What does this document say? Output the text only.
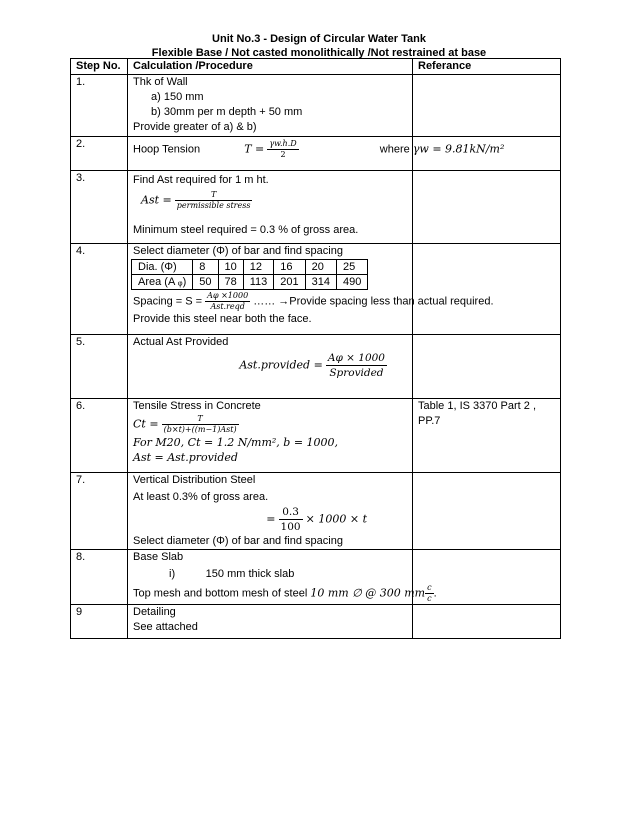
Unit No.3 - Design of Circular Water Tank
Flexible Base / Not casted monolithically /Not restrained at base
Step No.	Calculation /Procedure	Referance
1.	Thk of Wall
a) 150 mm
b) 30mm per m depth + 50 mm
Provide greater of a) & b)

2.	Hoop Tension	$T = \frac{\gamma w.h.D}{2}$	where γw = 9.81kN/m²

3.	Find Ast required for 1 m ht.
Ast = $\frac{T}{\text{permissible stress}}$
Minimum steel required = 0.3 % of gross area.

4.	Select diameter (Φ) of bar and find spacing
Dia. (Φ)	8	10	12	16	20	25
Area (A ᵩ)	50	78	113	201	314	490
Spacing = $S = \frac{A\varphi \times 1000}{\text{Ast.reqd}}$ …… →Provide spacing less than actual required.
Provide this steel near both the face.

5.	Actual Ast Provided
Ast.provided = $\frac{A\varphi \times 1000}{\text{Sprovided}}$

6.	Tensile Stress in Concrete
$Ct = \frac{T}{\text{(b×t)+((m−1)Ast)}}$
For M20, Ct = 1.2 N/mm², b = 1000,
Ast = Ast.provided
	Table 1, IS 3370 Part 2 , PP.7
7.	Vertical Distribution Steel
At least 0.3% of gross area.
= $\frac{0.3}{100} \times 1000 \times t$
Select diameter (Φ) of bar and find spacing

8.	Base Slab
i)          150 mm thick slab
Top mesh and bottom mesh of steel 10 mm ∅ @ 300 mm $\frac{c}{c}$ .

9	Detailing
See attached
